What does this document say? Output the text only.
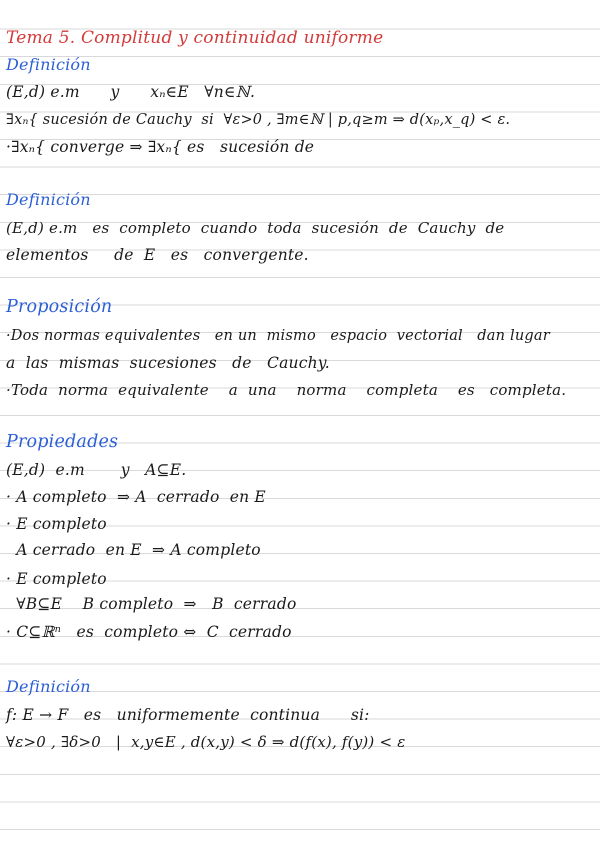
Tema 5. Complitud y continuidad uniforme
Definición
(E,d) e.m      y      xₙ∈E   ∀n∈ℕ.
∃xₙ{ sucesión de Cauchy  si  ∀ε>0 , ∃m∈ℕ | p,q≥m ⇒ d(xₚ,x_q) < ε.
·∃xₙ{ converge ⇒ ∃xₙ{ es   sucesión de
Definición
(E,d) e.m   es  completo  cuando  toda  sucesión  de  Cauchy  de
elementos     de  E   es   convergente.
Proposición
·Dos normas equivalentes   en un  mismo   espacio  vectorial   dan lugar
a  las  mismas  sucesiones   de   Cauchy.
·Toda  norma  equivalente    a  una    norma    completa    es   completa.
Propiedades
(E,d)  e.m       y   A⊆E.
· A completo  ⇒ A  cerrado  en E
· E completo
A cerrado  en E  ⇒ A completo
· E completo
∀B⊆E    B completo  ⇒   B  cerrado
· C⊆ℝⁿ   es  completo ⇔  C  cerrado
Definición
f: E → F   es   uniformemente  continua      si:
∀ε>0 , ∃δ>0   |  x,y∈E , d(x,y) < δ ⇒ d(f(x), f(y)) < ε
